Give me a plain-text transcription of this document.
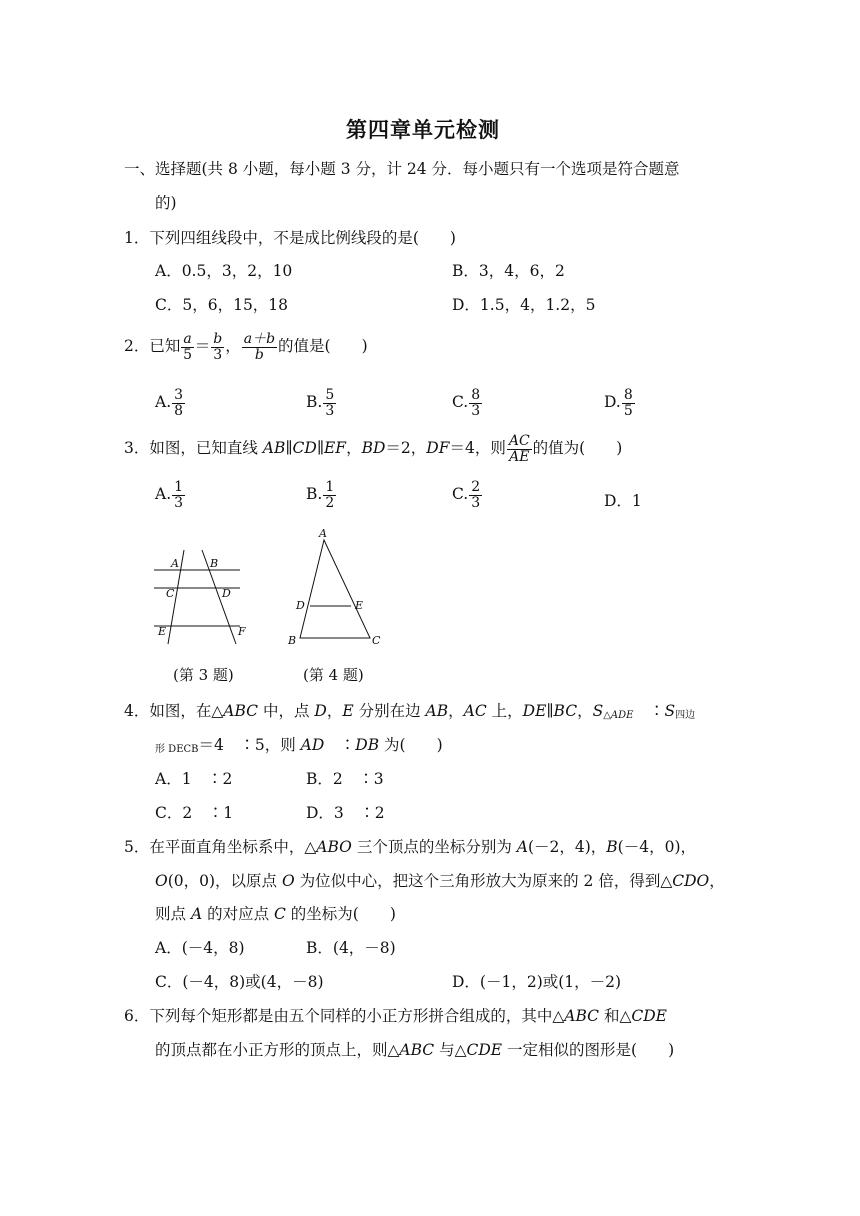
第四章单元检测
一、选择题(共 8 小题，每小题 3 分，计 24 分．每小题只有一个选项是符合题意
的)
1．下列四组线段中，不是成比例线段的是(　　)
A．0.5，3，2，10	B．3，4，6，2
C．5，6，15，18	D．1.5，4，1.2，5
2．已知 $\frac{a}{5} = \frac{b}{3}$ ， $\frac{a+b}{b}$ 的值是(　　)
A. $\frac{3}{8}$	B. $\frac{5}{3}$	C. $\frac{8}{3}$	D. $\frac{8}{5}$
3．如图，已知直线 AB∥CD∥EF，BD＝2，DF＝4，则 $\frac{AC}{AE}$ 的值为(　　)
A. $\frac{1}{3}$	B. $\frac{1}{2}$	C. $\frac{2}{3}$	D．1
A	B
C	D
E	F
A
D	E
B	C
(第 3 题)	(第 4 题)
4．如图，在△ABC 中，点 D，E 分别在边 AB，AC 上，DE∥BC，$S_{\triangle ADE}$　$∶S_{四边}$
$_{形 DECB}$＝4　∶5，则 AD　∶DB 为(　　)
A．1　∶2	B．2　∶3
C．2　∶1	D．3　∶2
5．在平面直角坐标系中，△ABO 三个顶点的坐标分别为 A(－2，4)，B(－4，0)，
O(0，0)，以原点 O 为位似中心，把这个三角形放大为原来的 2 倍，得到△CDO，
则点 A 的对应点 C 的坐标为(　　)
A．(－4，8)	B．(4，－8)
C．(－4，8)或(4，－8)	D．(－1，2)或(1，－2)
6．下列每个矩形都是由五个同样的小正方形拼合组成的，其中△ABC 和△CDE
的顶点都在小正方形的顶点上，则△ABC 与△CDE 一定相似的图形是(　　)
